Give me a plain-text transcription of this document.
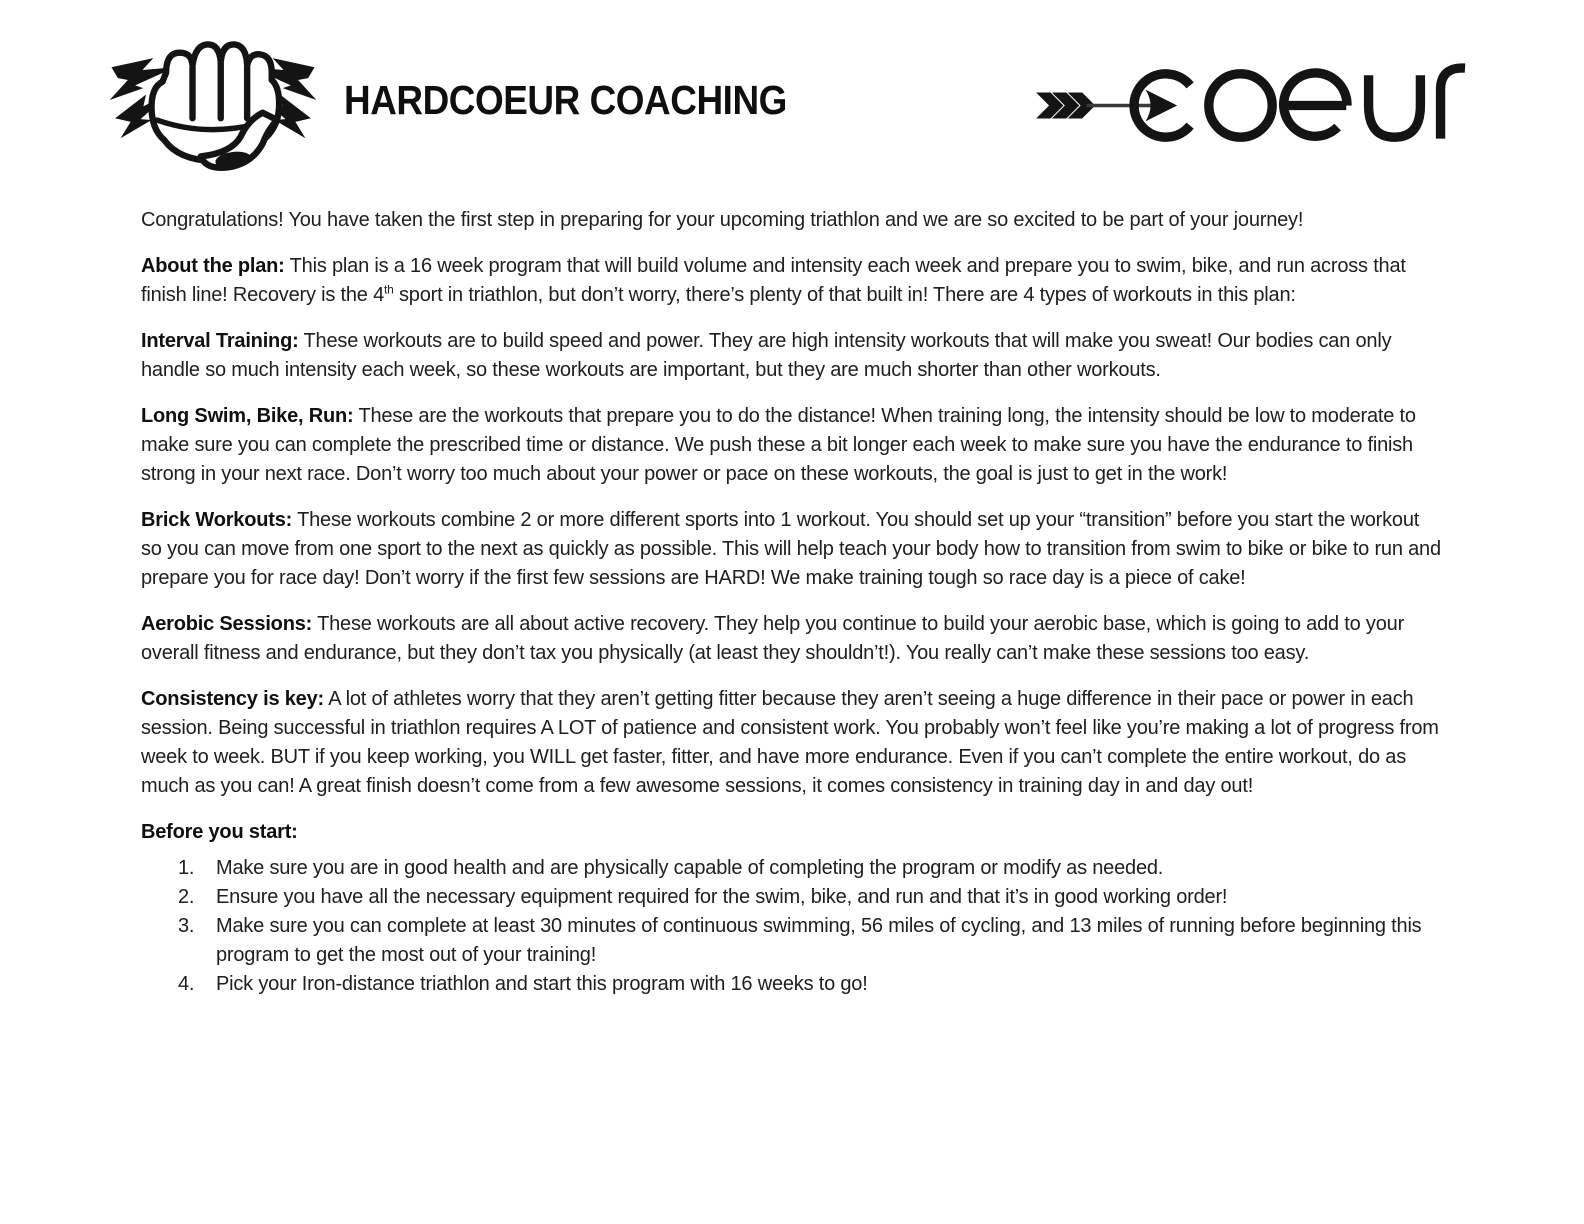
HARDCOEUR COACHING

Congratulations! You have taken the first step in preparing for your upcoming triathlon and we are so excited to be part of your journey!

About the plan: This plan is a 16 week program that will build volume and intensity each week and prepare you to swim, bike, and run across that finish line! Recovery is the 4th sport in triathlon, but don’t worry, there’s plenty of that built in! There are 4 types of workouts in this plan:

Interval Training: These workouts are to build speed and power. They are high intensity workouts that will make you sweat! Our bodies can only handle so much intensity each week, so these workouts are important, but they are much shorter than other workouts.

Long Swim, Bike, Run: These are the workouts that prepare you to do the distance! When training long, the intensity should be low to moderate to make sure you can complete the prescribed time or distance. We push these a bit longer each week to make sure you have the endurance to finish strong in your next race. Don’t worry too much about your power or pace on these workouts, the goal is just to get in the work!

Brick Workouts: These workouts combine 2 or more different sports into 1 workout. You should set up your “transition” before you start the workout so you can move from one sport to the next as quickly as possible. This will help teach your body how to transition from swim to bike or bike to run and prepare you for race day! Don’t worry if the first few sessions are HARD! We make training tough so race day is a piece of cake!

Aerobic Sessions: These workouts are all about active recovery. They help you continue to build your aerobic base, which is going to add to your overall fitness and endurance, but they don’t tax you physically (at least they shouldn’t!). You really can’t make these sessions too easy.

Consistency is key: A lot of athletes worry that they aren’t getting fitter because they aren’t seeing a huge difference in their pace or power in each session. Being successful in triathlon requires A LOT of patience and consistent work. You probably won’t feel like you’re making a lot of progress from week to week. BUT if you keep working, you WILL get faster, fitter, and have more endurance. Even if you can’t complete the entire workout, do as much as you can! A great finish doesn’t come from a few awesome sessions, it comes consistency in training day in and day out!

Before you start:

1.	Make sure you are in good health and are physically capable of completing the program or modify as needed.
2.	Ensure you have all the necessary equipment required for the swim, bike, and run and that it’s in good working order!
3.	Make sure you can complete at least 30 minutes of continuous swimming, 56 miles of cycling, and 13 miles of running before beginning this program to get the most out of your training!
4.	Pick your Iron-distance triathlon and start this program with 16 weeks to go!
